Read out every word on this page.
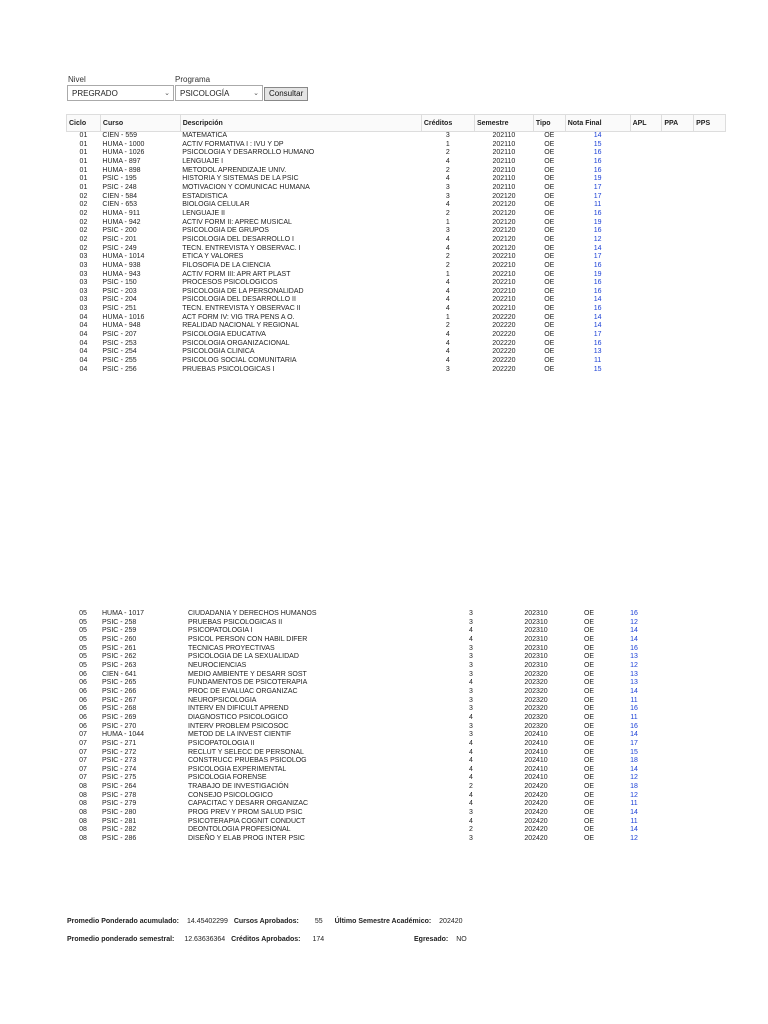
Nivel	Programa
PREGRADO	⌄	PSICOLOGÍA	⌄	Consultar
Ciclo	Curso	Descripción	Créditos	Semestre	Tipo	Nota Final	APL	PPA	PPS
01	CIEN - 559	MATEMATICA	3	202110	OE	14			
01	HUMA - 1000	ACTIV FORMATIVA I : IVU Y DP	1	202110	OE	15			
01	HUMA - 1026	PSICOLOGIA Y DESARROLLO HUMANO	2	202110	OE	16			
01	HUMA - 897	LENGUAJE I	4	202110	OE	16			
01	HUMA - 898	METODOL APRENDIZAJE UNIV.	2	202110	OE	16			
01	PSIC - 195	HISTORIA Y SISTEMAS DE LA PSIC	4	202110	OE	19			
01	PSIC - 248	MOTIVACION Y COMUNICAC HUMANA	3	202110	OE	17			
02	CIEN - 584	ESTADISTICA	3	202120	OE	17			
02	CIEN - 653	BIOLOGIA CELULAR	4	202120	OE	11			
02	HUMA - 911	LENGUAJE II	2	202120	OE	16			
02	HUMA - 942	ACTIV FORM II: APREC MUSICAL	1	202120	OE	19			
02	PSIC - 200	PSICOLOGIA DE GRUPOS	3	202120	OE	16			
02	PSIC - 201	PSICOLOGIA DEL DESARROLLO I	4	202120	OE	12			
02	PSIC - 249	TECN. ENTREVISTA Y OBSERVAC. I	4	202120	OE	14			
03	HUMA - 1014	ETICA Y VALORES	2	202210	OE	17			
03	HUMA - 938	FILOSOFIA DE LA CIENCIA	2	202210	OE	16			
03	HUMA - 943	ACTIV FORM III: APR ART PLAST	1	202210	OE	19			
03	PSIC - 150	PROCESOS PSICOLOGICOS	4	202210	OE	16			
03	PSIC - 203	PSICOLOGIA DE LA PERSONALIDAD	4	202210	OE	16			
03	PSIC - 204	PSICOLOGIA DEL DESARROLLO II	4	202210	OE	14			
03	PSIC - 251	TECN. ENTREVISTA Y OBSERVAC II	4	202210	OE	16			
04	HUMA - 1016	ACT FORM IV: VIG TRA PENS A O.	1	202220	OE	14			
04	HUMA - 948	REALIDAD NACIONAL Y REGIONAL	2	202220	OE	14			
04	PSIC - 207	PSICOLOGIA EDUCATIVA	4	202220	OE	17			
04	PSIC - 253	PSICOLOGIA ORGANIZACIONAL	4	202220	OE	16			
04	PSIC - 254	PSICOLOGIA CLINICA	4	202220	OE	13			
04	PSIC - 255	PSICOLOG SOCIAL COMUNITARIA	4	202220	OE	11			
04	PSIC - 256	PRUEBAS PSICOLOGICAS I	3	202220	OE	15			
05	HUMA - 1017	CIUDADANIA Y DERECHOS HUMANOS	3	202310	OE	16
05	PSIC - 258	PRUEBAS PSICOLOGICAS II	3	202310	OE	12
05	PSIC - 259	PSICOPATOLOGIA I	4	202310	OE	14
05	PSIC - 260	PSICOL PERSON CON HABIL DIFER	4	202310	OE	14
05	PSIC - 261	TECNICAS PROYECTIVAS	3	202310	OE	16
05	PSIC - 262	PSICOLOGIA DE LA SEXUALIDAD	3	202310	OE	13
05	PSIC - 263	NEUROCIENCIAS	3	202310	OE	12
06	CIEN - 641	MEDIO AMBIENTE Y DESARR SOST	3	202320	OE	13
06	PSIC - 265	FUNDAMENTOS DE PSICOTERAPIA	4	202320	OE	13
06	PSIC - 266	PROC DE EVALUAC ORGANIZAC	3	202320	OE	14
06	PSIC - 267	NEUROPSICOLOGIA	3	202320	OE	11
06	PSIC - 268	INTERV EN DIFICULT APREND	3	202320	OE	16
06	PSIC - 269	DIAGNOSTICO PSICOLOGICO	4	202320	OE	11
06	PSIC - 270	INTERV PROBLEM PSICOSOC	3	202320	OE	16
07	HUMA - 1044	METOD DE LA INVEST CIENTIF	3	202410	OE	14
07	PSIC - 271	PSICOPATOLOGIA II	4	202410	OE	17
07	PSIC - 272	RECLUT Y SELECC DE PERSONAL	4	202410	OE	15
07	PSIC - 273	CONSTRUCC PRUEBAS PSICOLOG	4	202410	OE	18
07	PSIC - 274	PSICOLOGIA EXPERIMENTAL	4	202410	OE	14
07	PSIC - 275	PSICOLOGIA FORENSE	4	202410	OE	12
08	PSIC - 264	TRABAJO DE INVESTIGACIÓN	2	202420	OE	18
08	PSIC - 278	CONSEJO PSICOLOGICO	4	202420	OE	12
08	PSIC - 279	CAPACITAC Y DESARR ORGANIZAC	4	202420	OE	11
08	PSIC - 280	PROG PREV Y PROM SALUD PSIC	3	202420	OE	14
08	PSIC - 281	PSICOTERAPIA COGNIT CONDUCT	4	202420	OE	11
08	PSIC - 282	DEONTOLOGIA PROFESIONAL	2	202420	OE	14
08	PSIC - 286	DISEÑO Y ELAB PROG INTER PSIC	3	202420	OE	12
Promedio Ponderado acumulado: 14.45402299 Cursos Aprobados: 55 Último Semestre Académico: 202420
Promedio ponderado semestral: 12.63636364 Créditos Aprobados: 174	Egresado: NO
